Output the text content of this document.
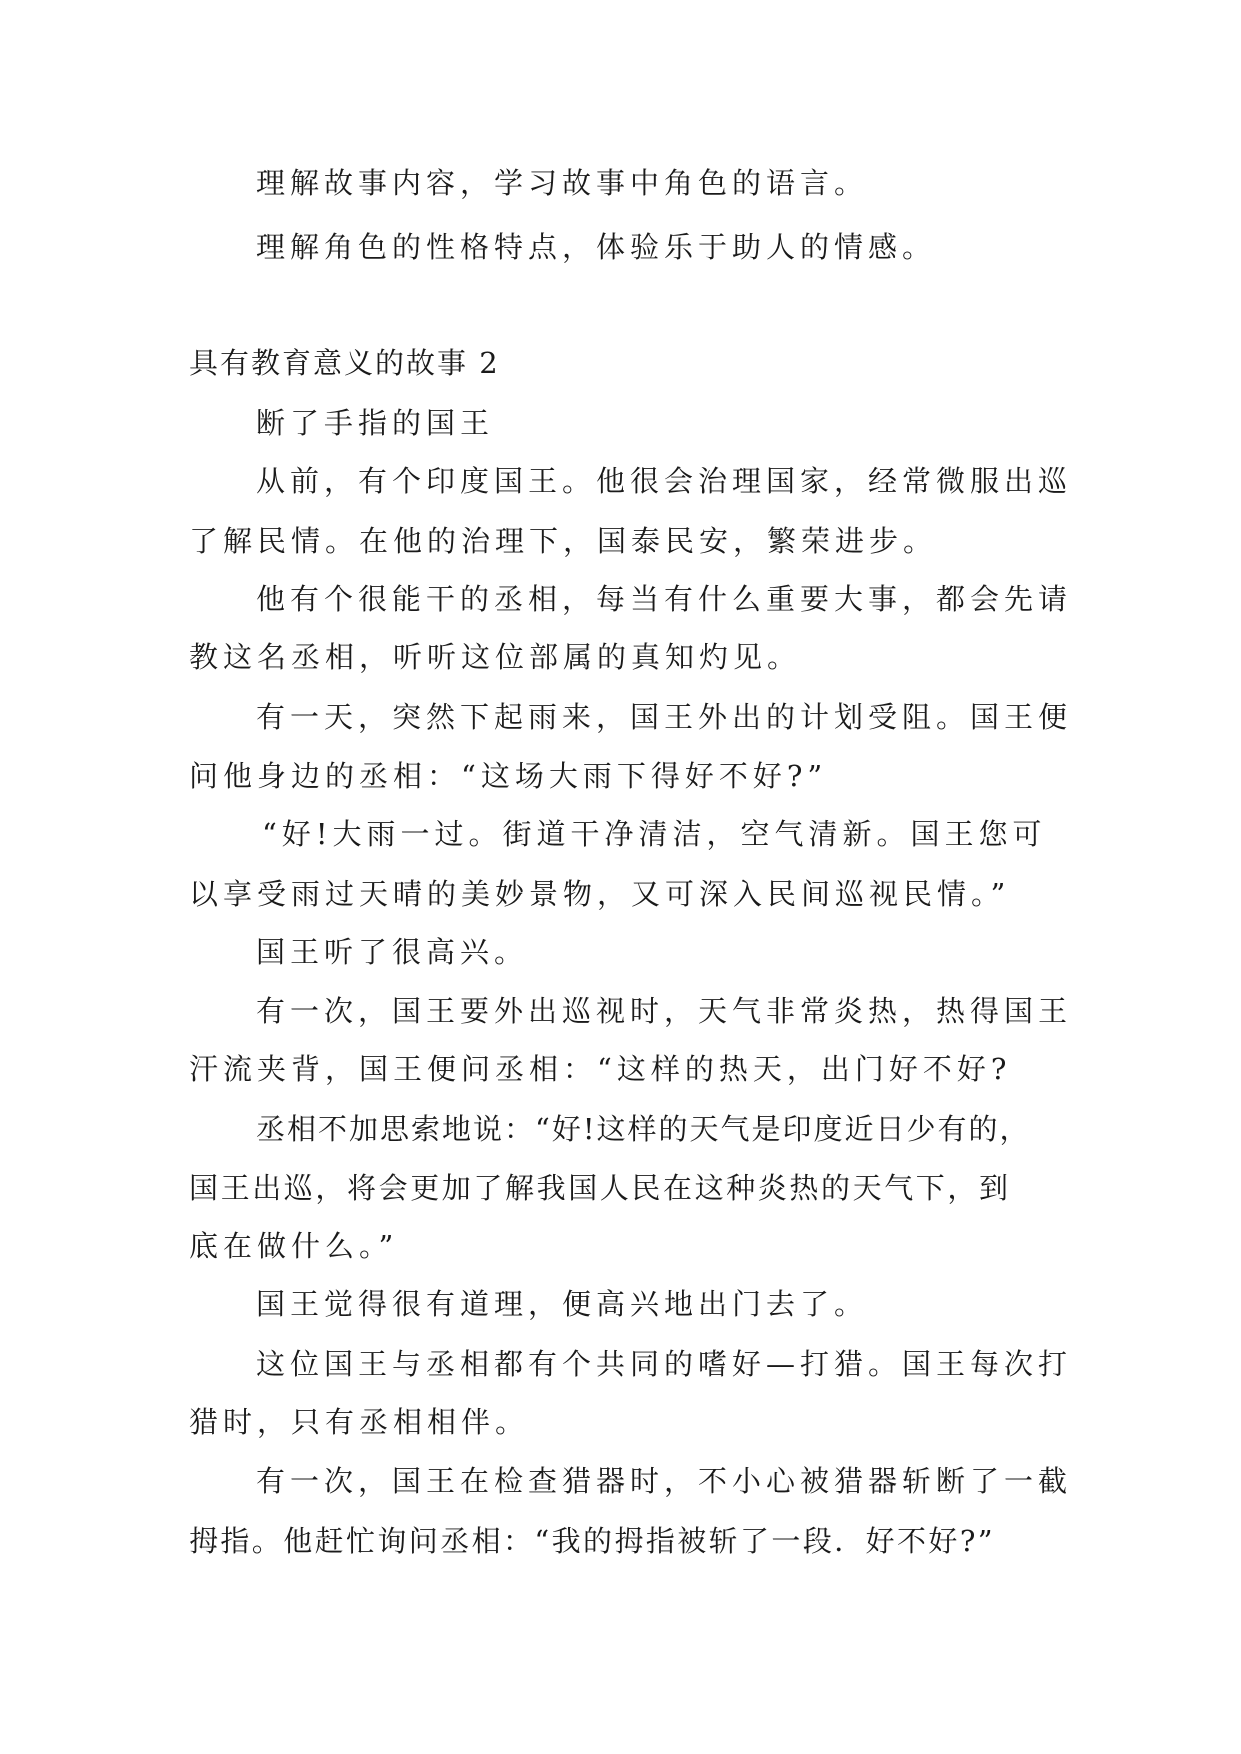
理解故事内容，学习故事中角色的语言。
理解角色的性格特点，体验乐于助人的情感。
具有教育意义的故事 2
断了手指的国王
从前，有个印度国王。他很会治理国家，经常微服出巡
了解民情。在他的治理下，国泰民安，繁荣进步。
他有个很能干的丞相，每当有什么重要大事，都会先请
教这名丞相，听听这位部属的真知灼见。
有一天，突然下起雨来，国王外出的计划受阻。国王便
问他身边的丞相：“这场大雨下得好不好?”
“好!大雨一过。街道干净清洁，空气清新。国王您可
以享受雨过天晴的美妙景物，又可深入民间巡视民情。”
国王听了很高兴。
有一次，国王要外出巡视时，天气非常炎热，热得国王
汗流夹背，国王便问丞相：“这样的热天，出门好不好?
丞相不加思索地说：“好!这样的天气是印度近日少有的，
国王出巡，将会更加了解我国人民在这种炎热的天气下，到
底在做什么。”
国王觉得很有道理，便高兴地出门去了。
这位国王与丞相都有个共同的嗜好—打猎。国王每次打
猎时，只有丞相相伴。
有一次，国王在检查猎器时，不小心被猎器斩断了一截
拇指。他赶忙询问丞相：“我的拇指被斩了一段．好不好?”
